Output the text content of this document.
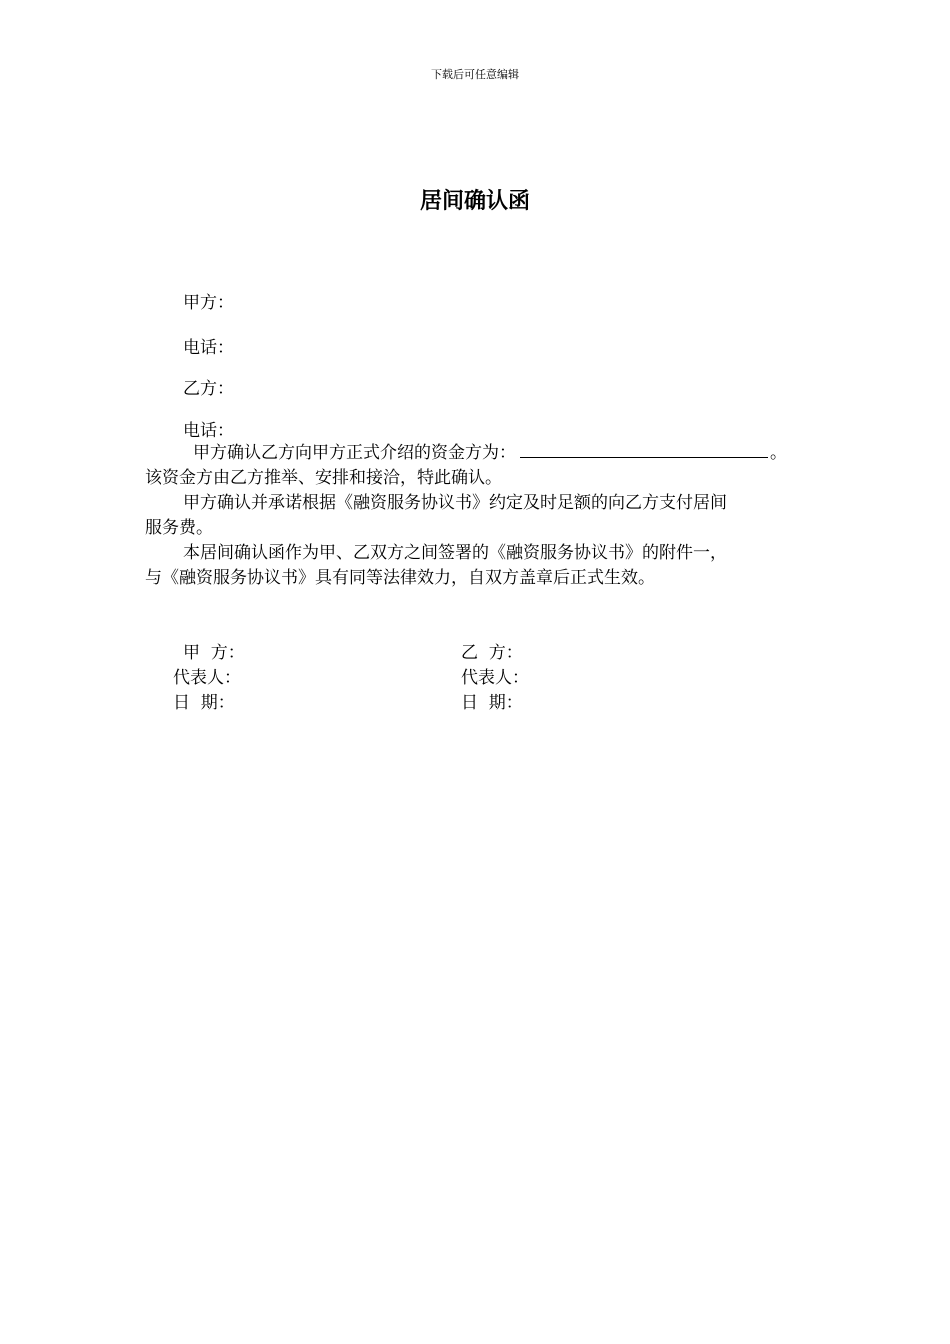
下载后可任意编辑
居间确认函
甲方：
电话：
乙方：
电话：
甲方确认乙方向甲方正式介绍的资金方为：	。
该资金方由乙方推举、安排和接洽，特此确认。
甲方确认并承诺根据《融资服务协议书》约定及时足额的向乙方支付居间
服务费。
本居间确认函作为甲、乙双方之间签署的《融资服务协议书》的附件一，
与《融资服务协议书》具有同等法律效力，自双方盖章后正式生效。
甲  方：
代表人：
日  期：
乙  方：
代表人：
日  期：
